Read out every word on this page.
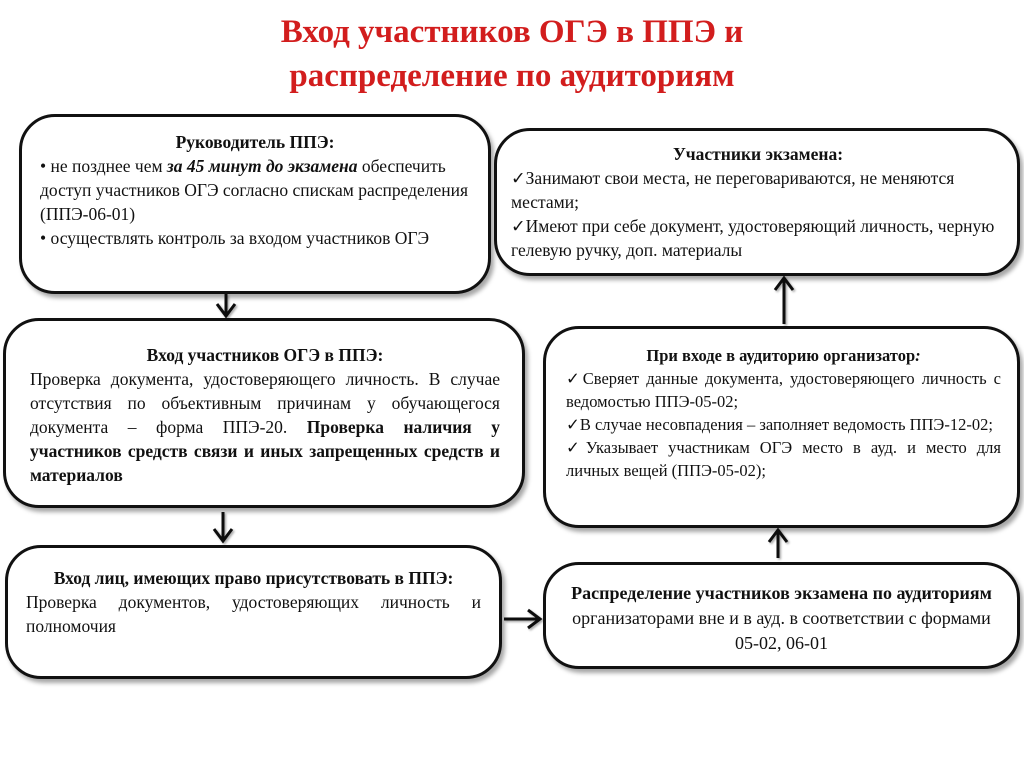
Вход участников ОГЭ в ППЭ и
распределение по аудиториям
Руководитель ППЭ:
• не позднее чем за 45 минут до экзамена обеспечить доступ участников ОГЭ согласно спискам распределения (ППЭ-06-01)
• осуществлять контроль за входом участников ОГЭ
Вход участников ОГЭ в ППЭ:
Проверка документа, удостоверяющего личность. В случае отсутствия по объективным причинам у обучающегося документа – форма ППЭ-20. Проверка наличия у участников средств связи и иных запрещенных средств и материалов
Вход лиц, имеющих право присутствовать в ППЭ:
Проверка документов, удостоверяющих личность и полномочия
Участники экзамена:
✓Занимают свои места, не переговариваются, не меняются местами;
✓Имеют при себе документ, удостоверяющий личность, черную гелевую ручку, доп. материалы
При входе в аудиторию организатор:
✓Сверяет данные документа, удостоверяющего личность с ведомостью ППЭ-05-02;
✓В случае несовпадения – заполняет ведомость ППЭ-12-02;
✓Указывает участникам ОГЭ место в ауд. и место для личных вещей (ППЭ-05-02);
Распределение участников экзамена по аудиториям организаторами вне и в ауд. в соответствии с формами 05-02, 06-01
